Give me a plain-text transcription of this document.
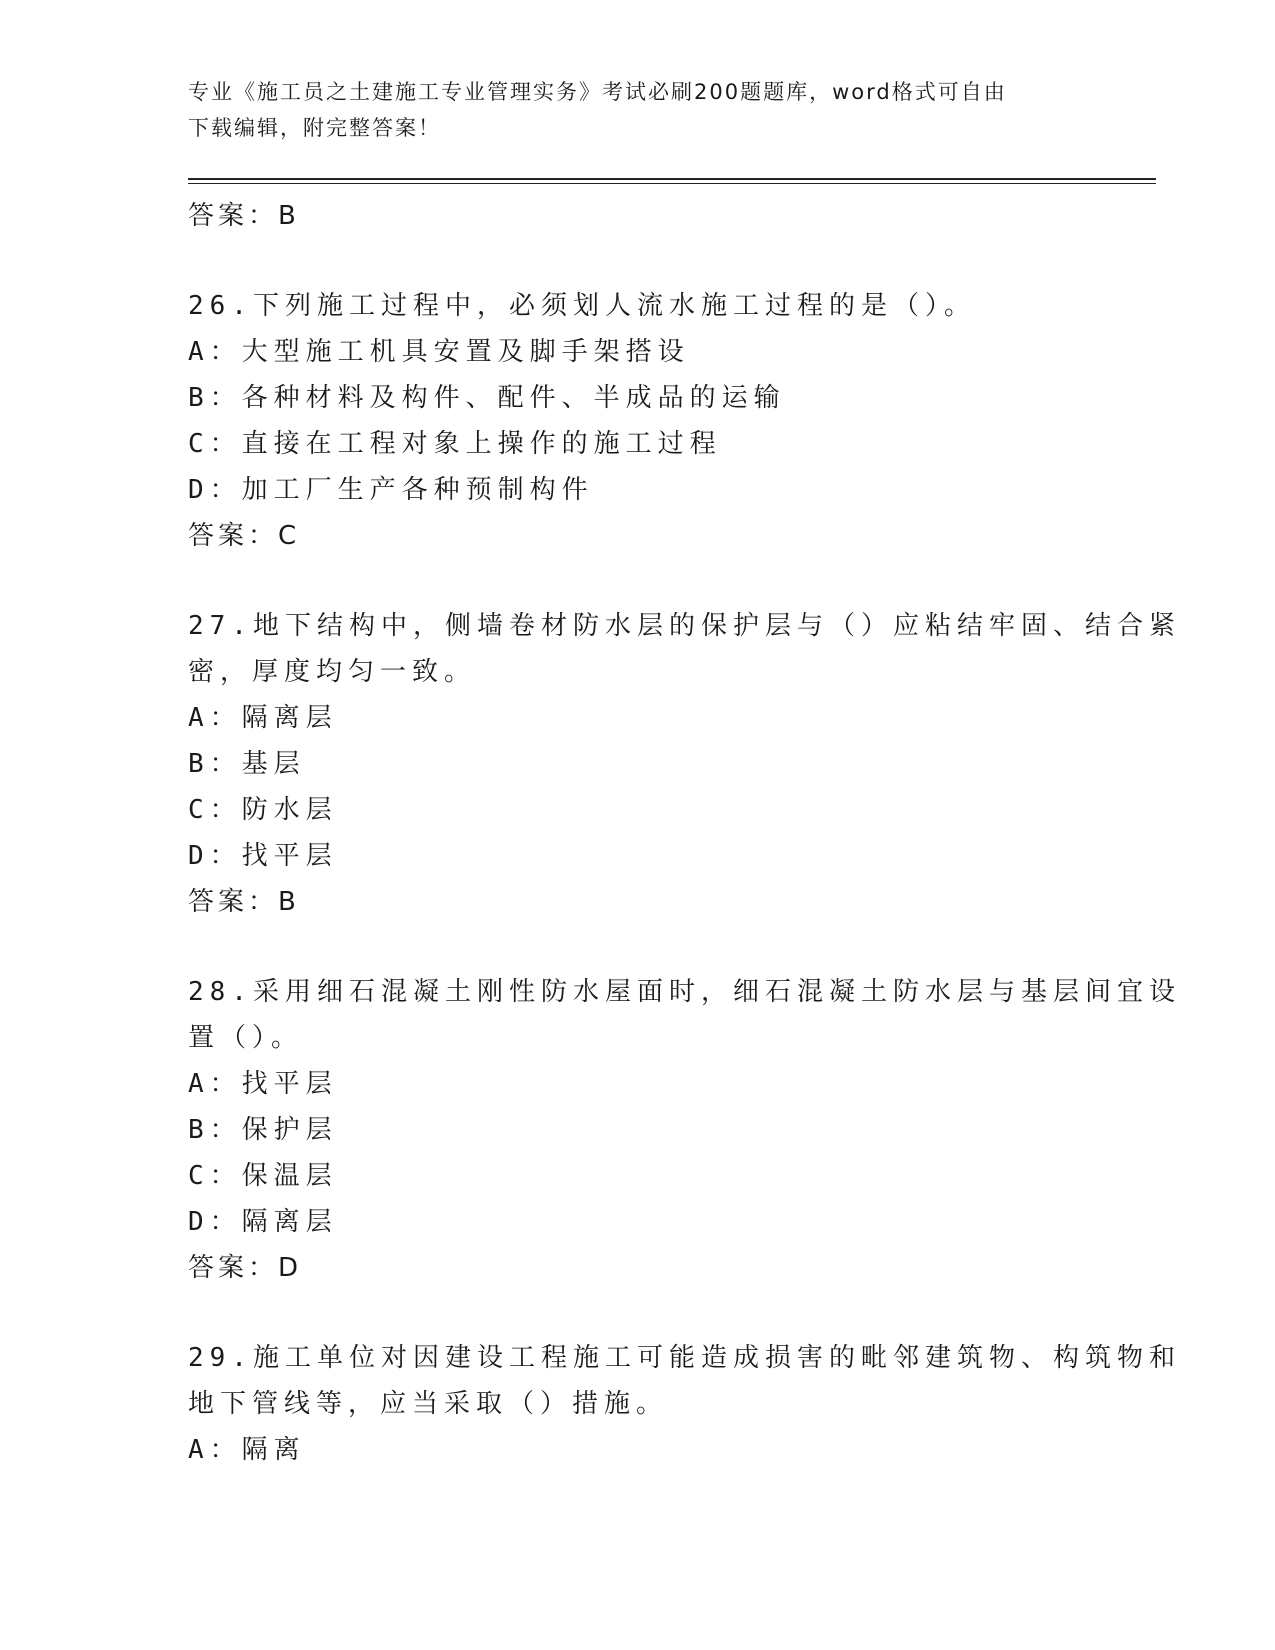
专业《施工员之土建施工专业管理实务》考试必刷200题题库，word格式可自由
下载编辑，附完整答案！
答案：B
26.下列施工过程中，必须划人流水施工过程的是（）。
A：大型施工机具安置及脚手架搭设
B：各种材料及构件、配件、半成品的运输
C：直接在工程对象上操作的施工过程
D：加工厂生产各种预制构件
答案：C
27.地下结构中，侧墙卷材防水层的保护层与（）应粘结牢固、结合紧
密，厚度均匀一致。
A：隔离层
B：基层
C：防水层
D：找平层
答案：B
28.采用细石混凝土刚性防水屋面时，细石混凝土防水层与基层间宜设
置（）。
A：找平层
B：保护层
C：保温层
D：隔离层
答案：D
29.施工单位对因建设工程施工可能造成损害的毗邻建筑物、构筑物和
地下管线等，应当采取（）措施。
A：隔离
